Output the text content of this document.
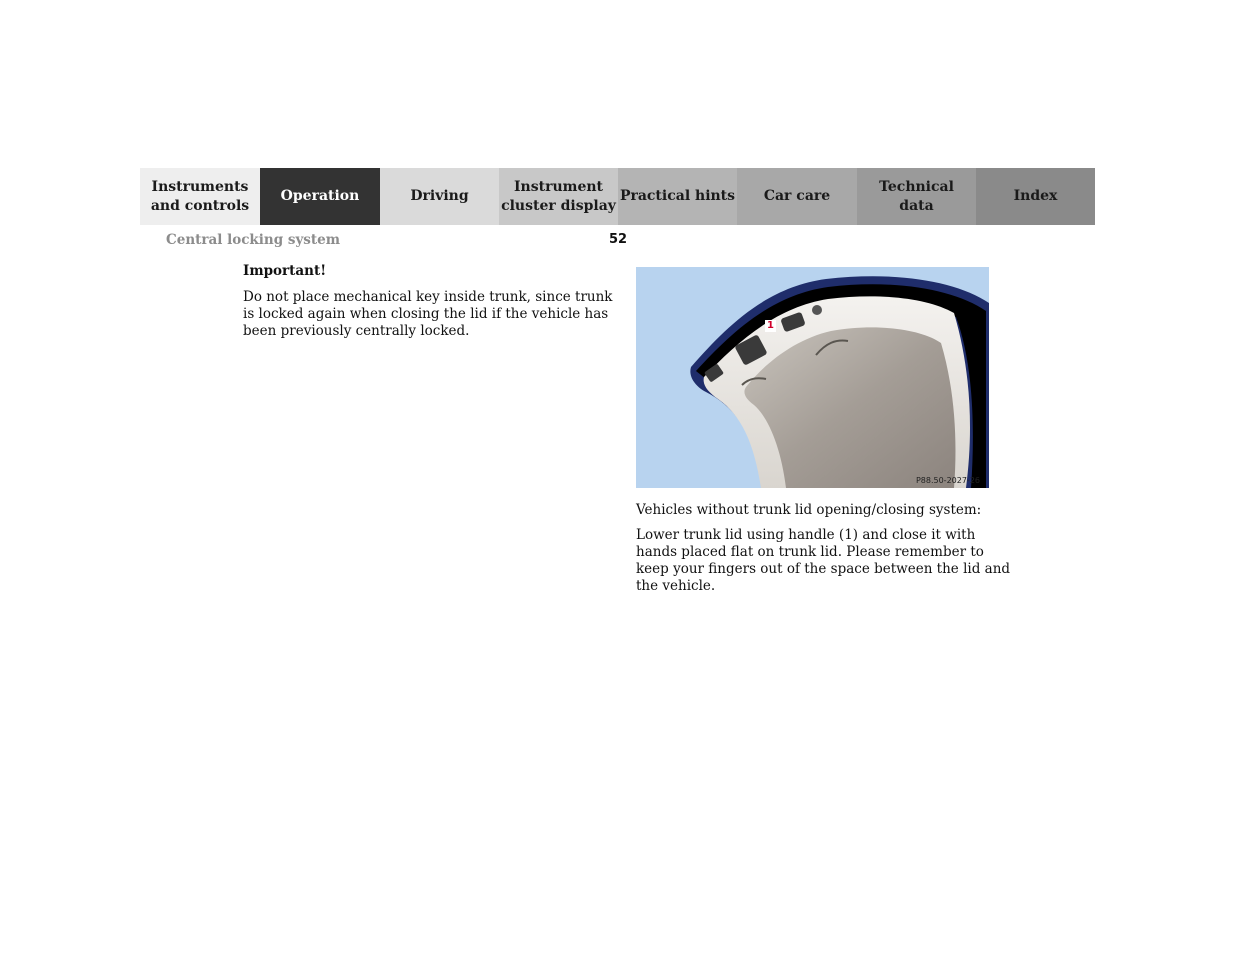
Instruments
and controls
Operation	Driving
Instrument
cluster display
Practical hints	Car care
Technical
data
Index
Central locking system	52
Important!

Do not place mechanical key inside trunk, since trunk is locked again when closing the lid if the vehicle has been previously centrally locked.	1
P88.50-2027-26

Vehicles without trunk lid opening/closing system:

Lower trunk lid using handle (1) and close it with hands placed flat on trunk lid. Please remember to keep your fingers out of the space between the lid and the vehicle.
